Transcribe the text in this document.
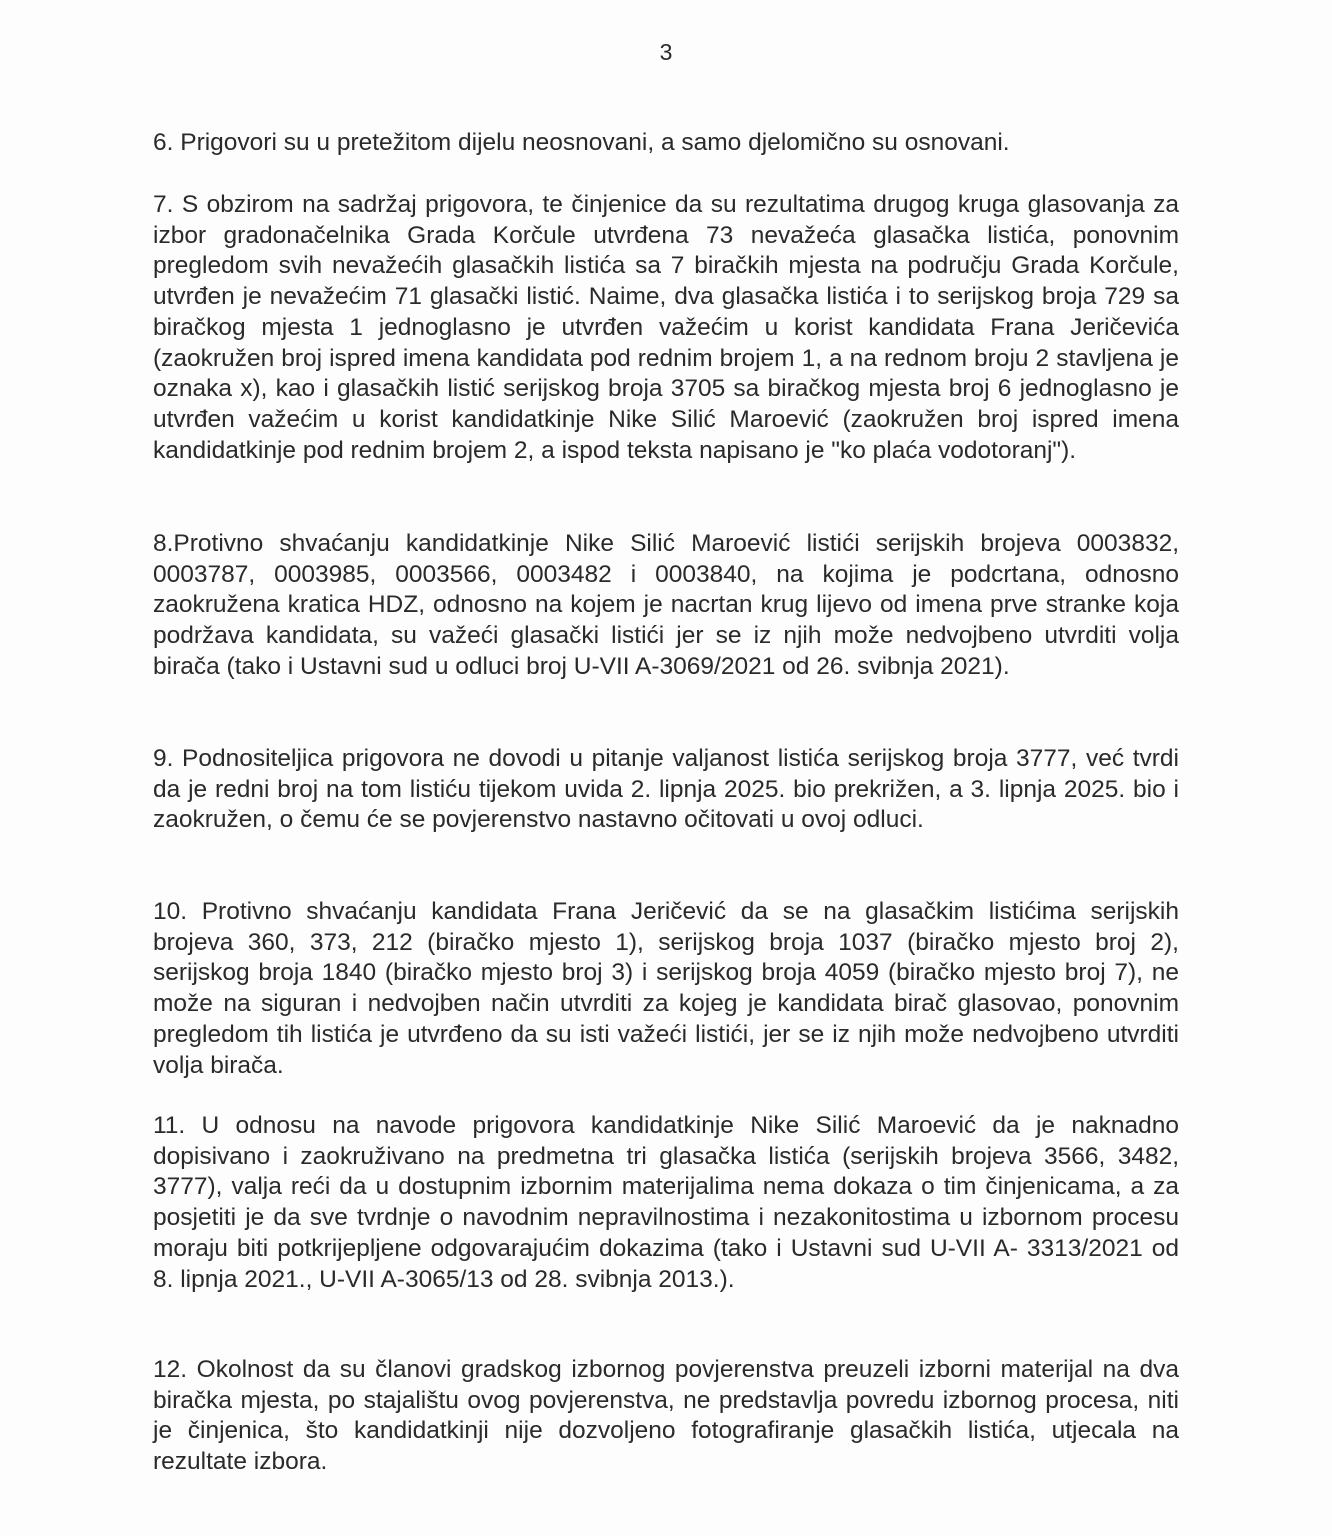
3

6. Prigovori su u pretežitom dijelu neosnovani, a samo djelomično su osnovani.

7. S obzirom na sadržaj prigovora, te činjenice da su rezultatima drugog kruga glasovanja za izbor gradonačelnika Grada Korčule utvrđena 73 nevažeća glasačka listića, ponovnim pregledom svih nevažećih glasačkih listića sa 7 biračkih mjesta na području Grada Korčule, utvrđen je nevažećim 71 glasački listić. Naime, dva glasačka listića i to serijskog broja 729 sa biračkog mjesta 1 jednoglasno je utvrđen važećim u korist kandidata Frana Jeričevića (zaokružen broj ispred imena kandidata pod rednim brojem 1, a na rednom broju 2 stavljena je oznaka x), kao i glasačkih listić serijskog broja 3705 sa biračkog mjesta broj 6 jednoglasno je utvrđen važećim u korist kandidatkinje Nike Silić Maroević (zaokružen broj ispred imena kandidatkinje pod rednim brojem 2, a ispod teksta napisano je "ko plaća vodotoranj").

8.Protivno shvaćanju kandidatkinje Nike Silić Maroević listići serijskih brojeva 0003832, 0003787, 0003985, 0003566, 0003482 i 0003840, na kojima je podcrtana, odnosno zaokružena kratica HDZ, odnosno na kojem je nacrtan krug lijevo od imena prve stranke koja podržava kandidata, su važeći glasački listići jer se iz njih može nedvojbeno utvrditi volja birača (tako i Ustavni sud u odluci broj U-VII A-3069/2021 od 26. svibnja 2021).

9. Podnositeljica prigovora ne dovodi u pitanje valjanost listića serijskog broja 3777, već tvrdi da je redni broj na tom listiću tijekom uvida 2. lipnja 2025. bio prekrižen, a 3. lipnja 2025. bio i zaokružen, o čemu će se povjerenstvo nastavno očitovati u ovoj odluci.

10. Protivno shvaćanju kandidata Frana Jeričević da se na glasačkim listićima serijskih brojeva 360, 373, 212 (biračko mjesto 1), serijskog broja 1037 (biračko mjesto broj 2), serijskog broja 1840 (biračko mjesto broj 3) i serijskog broja 4059 (biračko mjesto broj 7), ne može na siguran i nedvojben način utvrditi za kojeg je kandidata birač glasovao, ponovnim pregledom tih listića je utvrđeno da su isti važeći listići, jer se iz njih može nedvojbeno utvrditi volja birača.

11. U odnosu na navode prigovora kandidatkinje Nike Silić Maroević da je naknadno dopisivano i zaokruživano na predmetna tri glasačka listića (serijskih brojeva 3566, 3482, 3777), valja reći da u dostupnim izbornim materijalima nema dokaza o tim činjenicama, a za posjetiti je da sve tvrdnje o navodnim nepravilnostima i nezakonitostima u izbornom procesu moraju biti potkrijepljene odgovarajućim dokazima (tako i Ustavni sud U-VII A- 3313/2021 od 8. lipnja 2021., U-VII A-3065/13 od 28. svibnja 2013.).

12. Okolnost da su članovi gradskog izbornog povjerenstva preuzeli izborni materijal na dva biračka mjesta, po stajalištu ovog povjerenstva, ne predstavlja povredu izbornog procesa, niti je činjenica, što kandidatkinji nije dozvoljeno fotografiranje glasačkih listića, utjecala na rezultate izbora.
